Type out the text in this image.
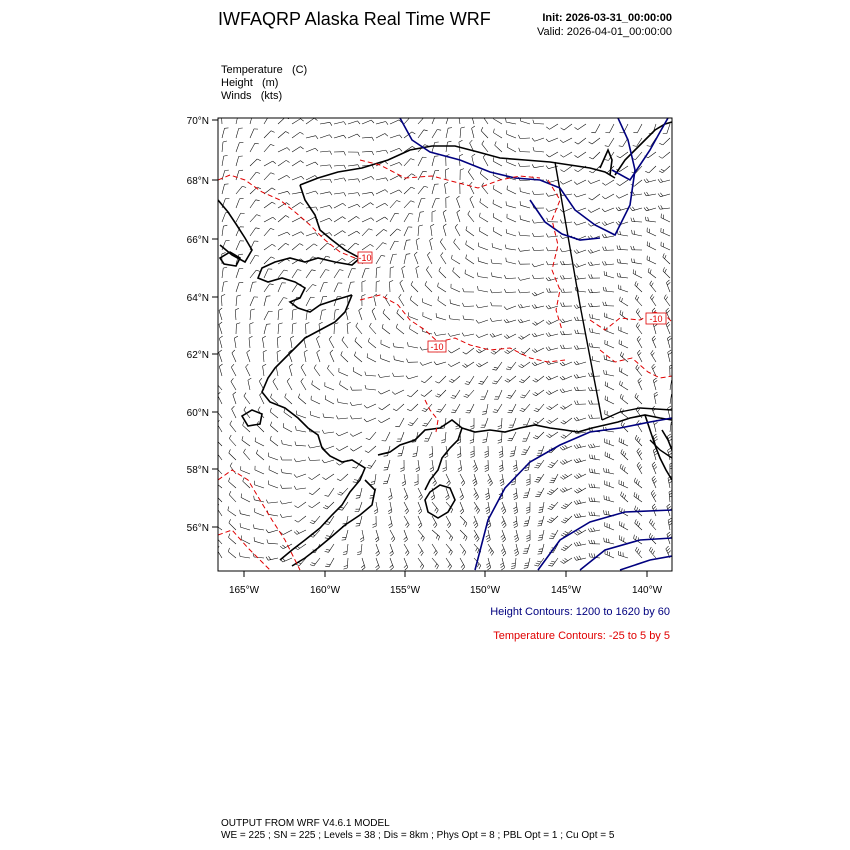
IWFAQRP Alaska Real Time WRF	Init: 2026-03-31_00:00:00
Valid: 2026-04-01_00:00:00
Temperature (C)
Height (m)
Winds (kts)
-10
-10
-10
70°N
68°N
66°N
64°N
62°N
60°N
58°N
56°N
165°W	160°W	155°W	150°W	145°W	140°W
Height Contours: 1200 to 1620 by 60
Temperature Contours: -25 to 5 by 5
OUTPUT FROM WRF V4.6.1 MODEL
WE = 225 ; SN = 225 ; Levels = 38 ; Dis = 8km ; Phys Opt = 8 ; PBL Opt = 1 ; Cu Opt = 5
